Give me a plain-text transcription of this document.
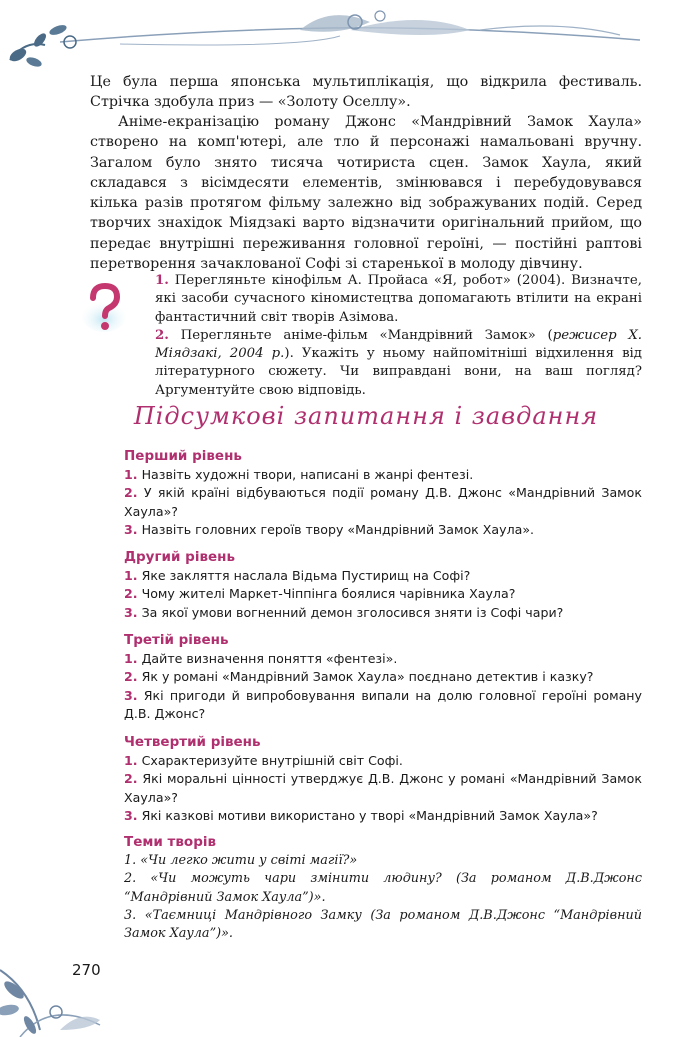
Це була перша японська мультиплікація, що відкрила фестиваль. Стрічка здобула приз — «Золоту Оселлу».

Аніме-екранізацію роману Джонс «Мандрівний Замок Хаула» створено на комп'ютері, але тло й персонажі намальовані вручну. Загалом було знято тисяча чотириста сцен. Замок Хаула, який складався з вісімдесяти елементів, змінювався і перебудовувався кілька разів протягом фільму залежно від зображуваних подій. Серед творчих знахідок Міядзакі варто відзначити оригінальний прийом, що передає внутрішні переживання головної героїні, — постійні раптові перетворення зачаклованої Софі зі старенької в молоду дівчину.

1. Перегляньте кінофільм А. Пройаса «Я, робот» (2004). Визначте, які засоби сучасного кіномистецтва допомагають втілити на екрані фантастичний світ творів Азімова.

2. Перегляньте аніме-фільм «Мандрівний Замок» (режисер Х. Міядзакі, 2004 р.). Укажіть у ньому найпомітніші відхилення від літературного сюжету. Чи виправдані вони, на ваш погляд? Аргументуйте свою відповідь.

Підсумкові запитання і завдання
Перший рівень
1. Назвіть художні твори, написані в жанрі фентезі.
2. У якій країні відбуваються події роману Д.В. Джонс «Мандрівний Замок Хаула»?
3. Назвіть головних героїв твору «Мандрівний Замок Хаула».
Другий рівень
1. Яке закляття наслала Відьма Пустирищ на Софі?
2. Чому жителі Маркет-Чіппінга боялися чарівника Хаула?
3. За якої умови вогненний демон зголосився зняти із Софі чари?
Третій рівень
1. Дайте визначення поняття «фентезі».
2. Як у романі «Мандрівний Замок Хаула» поєднано детектив і казку?
3. Які пригоди й випробовування випали на долю головної героїні роману Д.В. Джонс?
Четвертий рівень
1. Схарактеризуйте внутрішній світ Софі.
2. Які моральні цінності утверджує Д.В. Джонс у романі «Мандрівний Замок Хаула»?
3. Які казкові мотиви використано у творі «Мандрівний Замок Хаула»?
Теми творів
1. «Чи легко жити у світі магії?»
2. «Чи можуть чари змінити людину? (За романом Д.В.Джонс “Мандрівний Замок Хаула”)».
3. «Таємниці Мандрівного Замку (За романом Д.В.Джонс “Мандрівний Замок Хаула”)».
270
